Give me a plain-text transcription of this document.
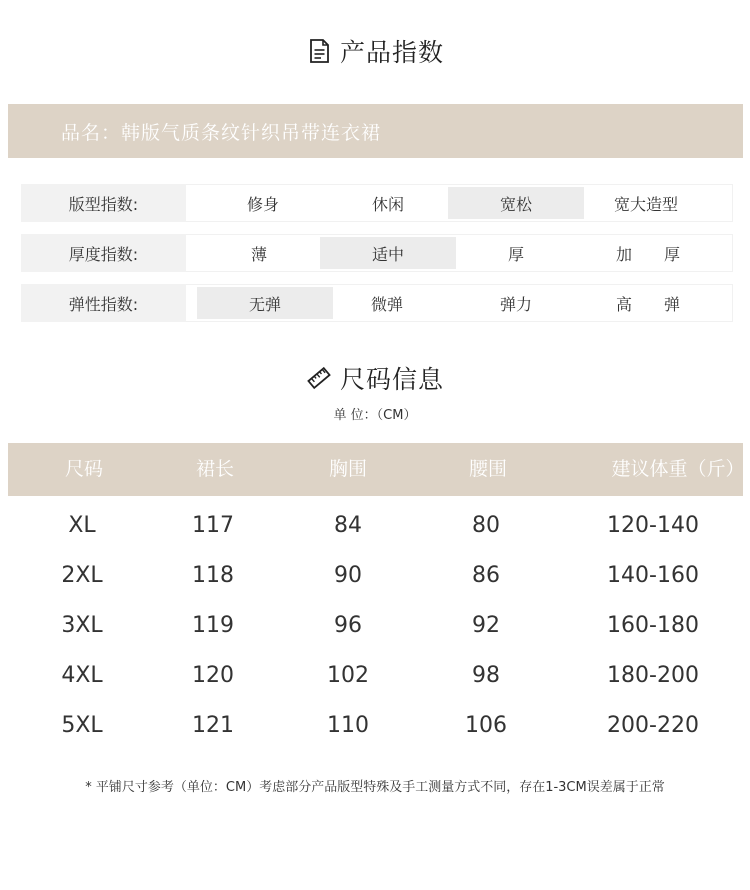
产品指数
品名：韩版气质条纹针织吊带连衣裙
版型指数:	修身	休闲	宽松	宽大造型
厚度指数:	薄	适中	厚	加　　厚
弹性指数:	无弹	微弹	弹力	高　　弹
尺码信息
单 位：（CM）
尺码	裙长	胸围	腰围	建议体重（斤）
XL	117	84	80	120-140
2XL	118	90	86	140-160
3XL	119	96	92	160-180
4XL	120	102	98	180-200
5XL	121	110	106	200-220
* 平铺尺寸参考（单位：CM）考虑部分产品版型特殊及手工测量方式不同，存在1-3CM误差属于正常
